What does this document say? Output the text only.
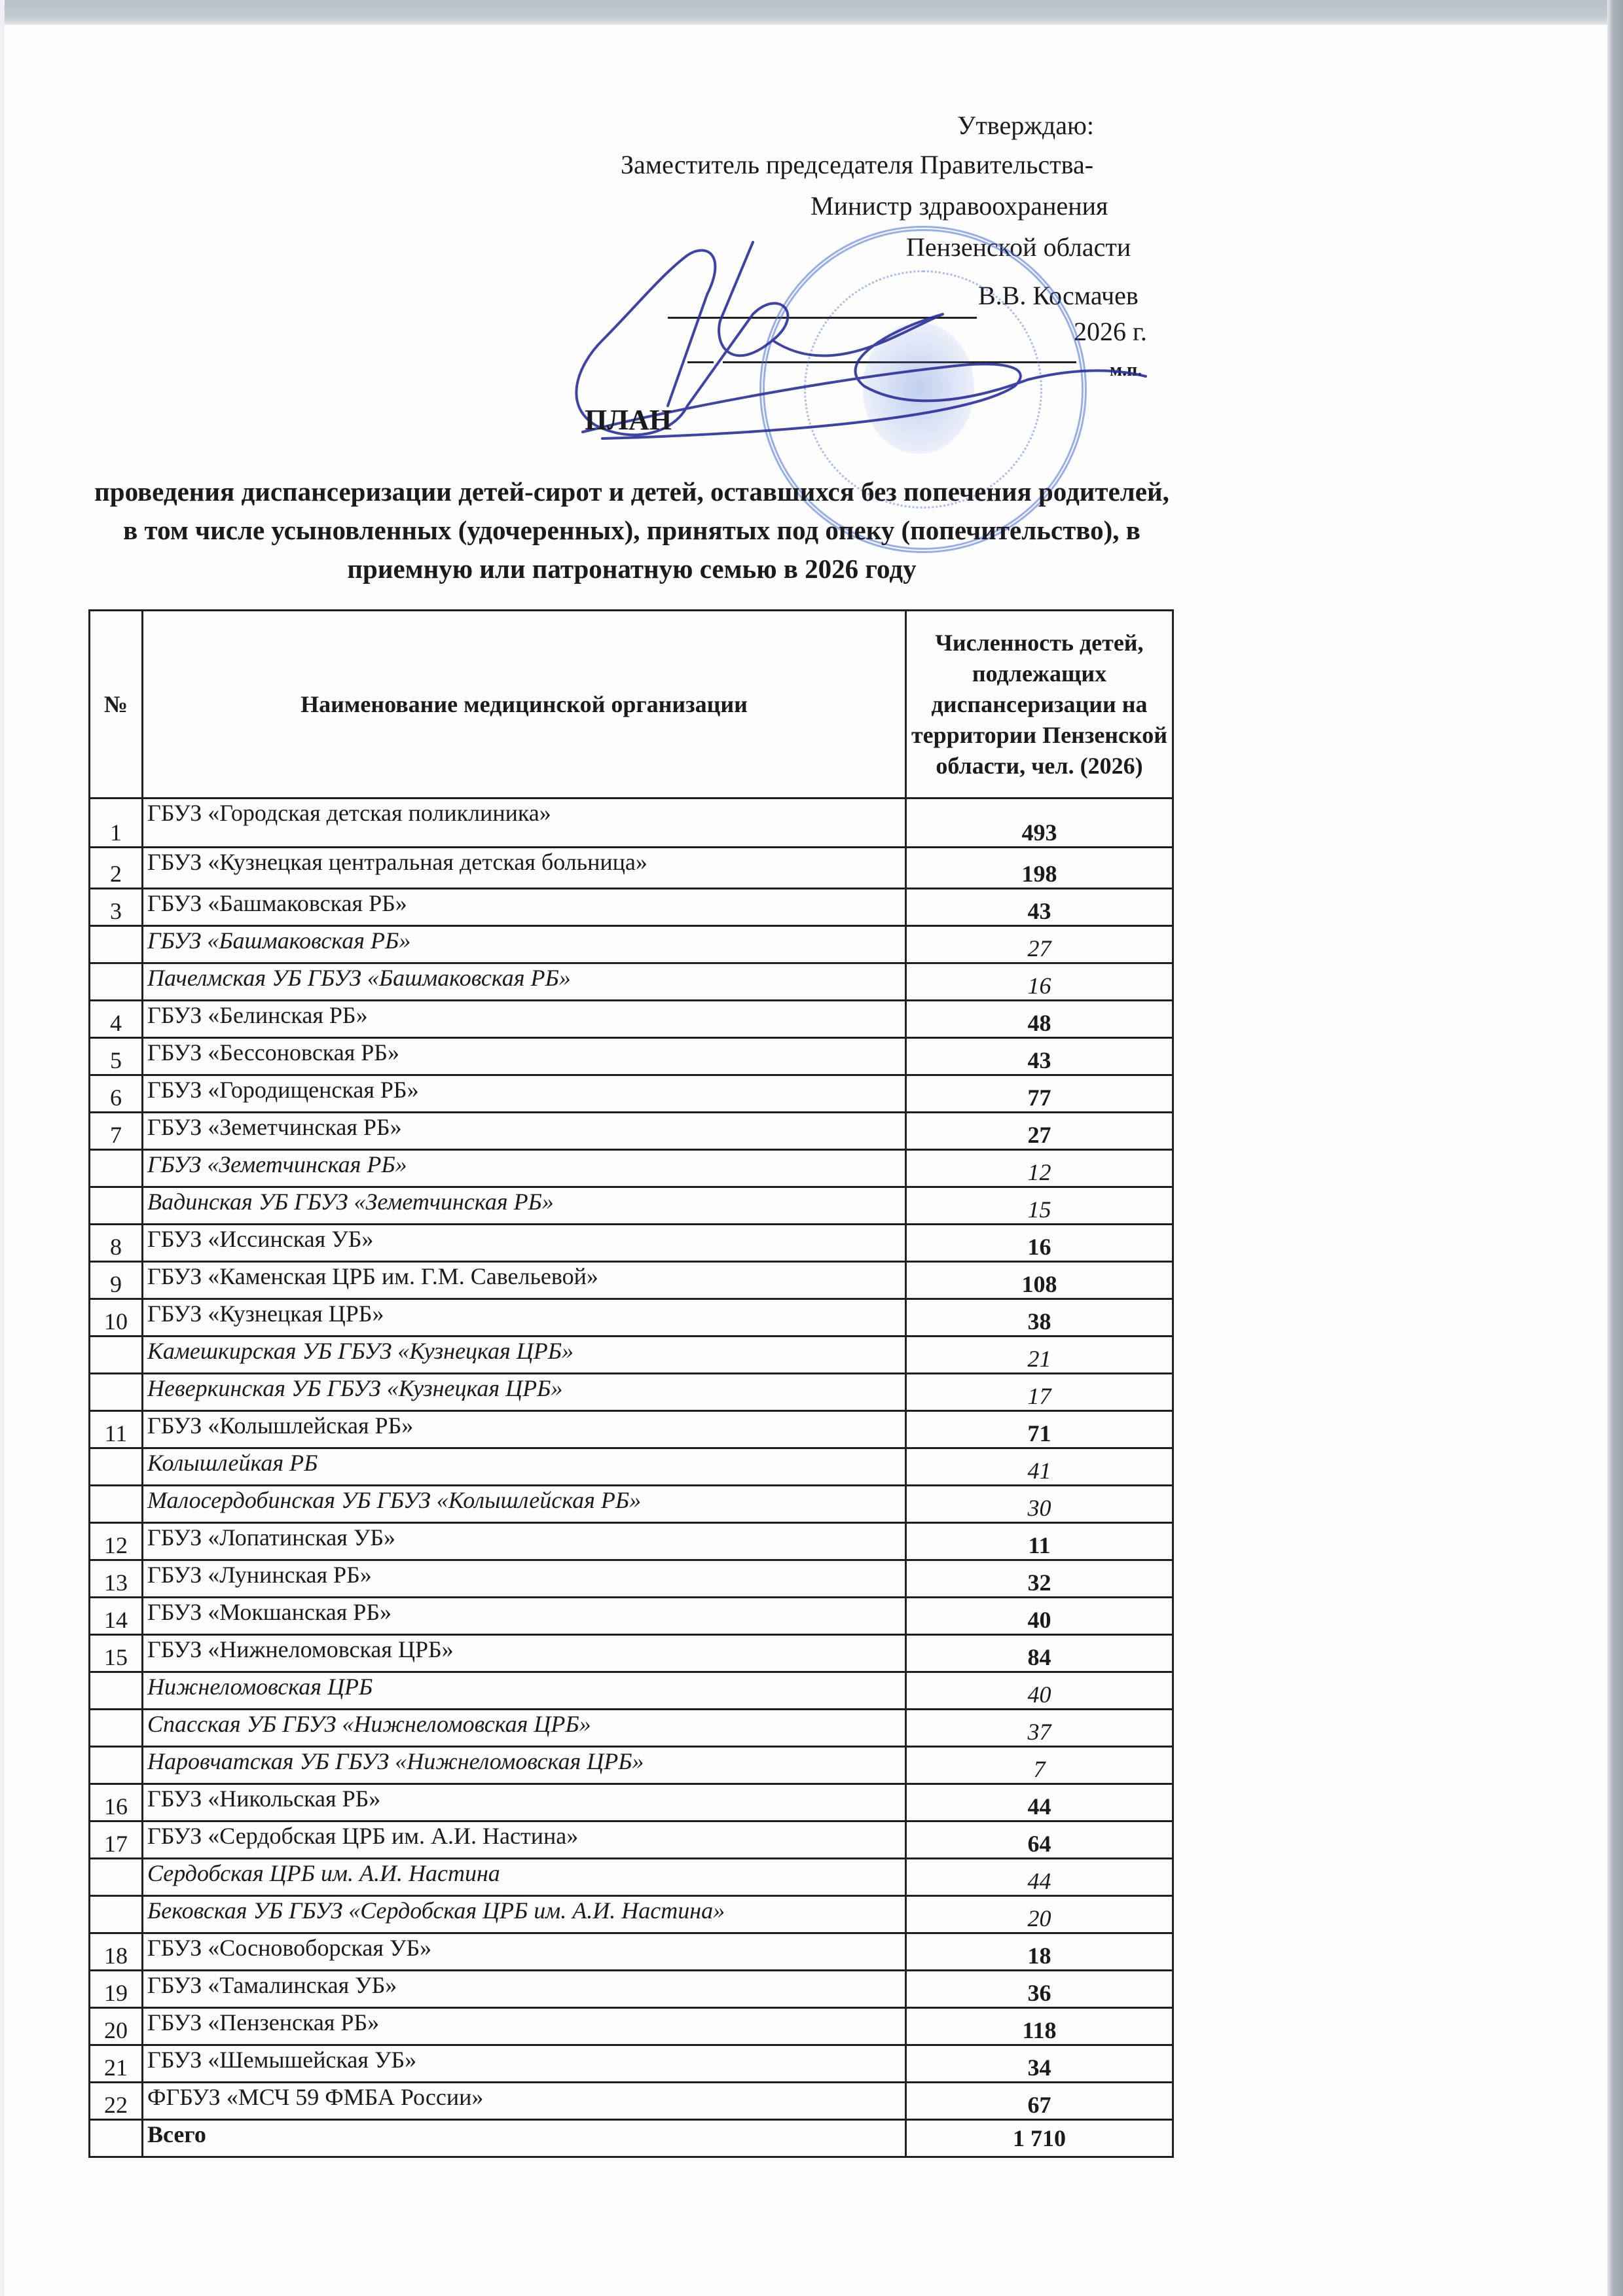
Утверждаю:
Заместитель председателя Правительства-
Министр здравоохранения
Пензенской области
В.В. Космачев
2026 г.
м.п.
ПЛАН
проведения диспансеризации детей-сирот и детей, оставшихся без попечения родителей, в том числе усыновленных (удочеренных), принятых под опеку (попечительство), в приемную или патронатную семью в 2026 году
№	Наименование медицинской организации	Численность детей, подлежащих диспансеризации на территории Пензенской области, чел. (2026)
1	ГБУЗ «Городская детская поликлиника»	493
2	ГБУЗ «Кузнецкая центральная детская больница»	198
3	ГБУЗ «Башмаковская РБ»	43
	ГБУЗ «Башмаковская РБ»	27
	Пачелмская УБ ГБУЗ «Башмаковская РБ»	16
4	ГБУЗ «Белинская РБ»	48
5	ГБУЗ «Бессоновская РБ»	43
6	ГБУЗ «Городищенская РБ»	77
7	ГБУЗ «Земетчинская РБ»	27
	ГБУЗ «Земетчинская РБ»	12
	Вадинская УБ ГБУЗ «Земетчинская РБ»	15
8	ГБУЗ «Иссинская УБ»	16
9	ГБУЗ «Каменская ЦРБ им. Г.М. Савельевой»	108
10	ГБУЗ «Кузнецкая ЦРБ»	38
	Камешкирская УБ ГБУЗ «Кузнецкая ЦРБ»	21
	Неверкинская УБ ГБУЗ «Кузнецкая ЦРБ»	17
11	ГБУЗ «Колышлейская РБ»	71
	Колышлейкая РБ	41
	Малосердобинская УБ ГБУЗ «Колышлейская РБ»	30
12	ГБУЗ «Лопатинская УБ»	11
13	ГБУЗ «Лунинская РБ»	32
14	ГБУЗ «Мокшанская РБ»	40
15	ГБУЗ «Нижнеломовская ЦРБ»	84
	Нижнеломовская ЦРБ	40
	Спасская УБ ГБУЗ «Нижнеломовская ЦРБ»	37
	Наровчатская УБ ГБУЗ «Нижнеломовская ЦРБ»	7
16	ГБУЗ «Никольская РБ»	44
17	ГБУЗ «Сердобская ЦРБ им. А.И. Настина»	64
	Сердобская ЦРБ им. А.И. Настина	44
	Бековская УБ ГБУЗ «Сердобская ЦРБ им. А.И. Настина»	20
18	ГБУЗ «Сосновоборская УБ»	18
19	ГБУЗ «Тамалинская УБ»	36
20	ГБУЗ «Пензенская РБ»	118
21	ГБУЗ «Шемышейская УБ»	34
22	ФГБУЗ «МСЧ 59 ФМБА России»	67
	Всего	1 710
